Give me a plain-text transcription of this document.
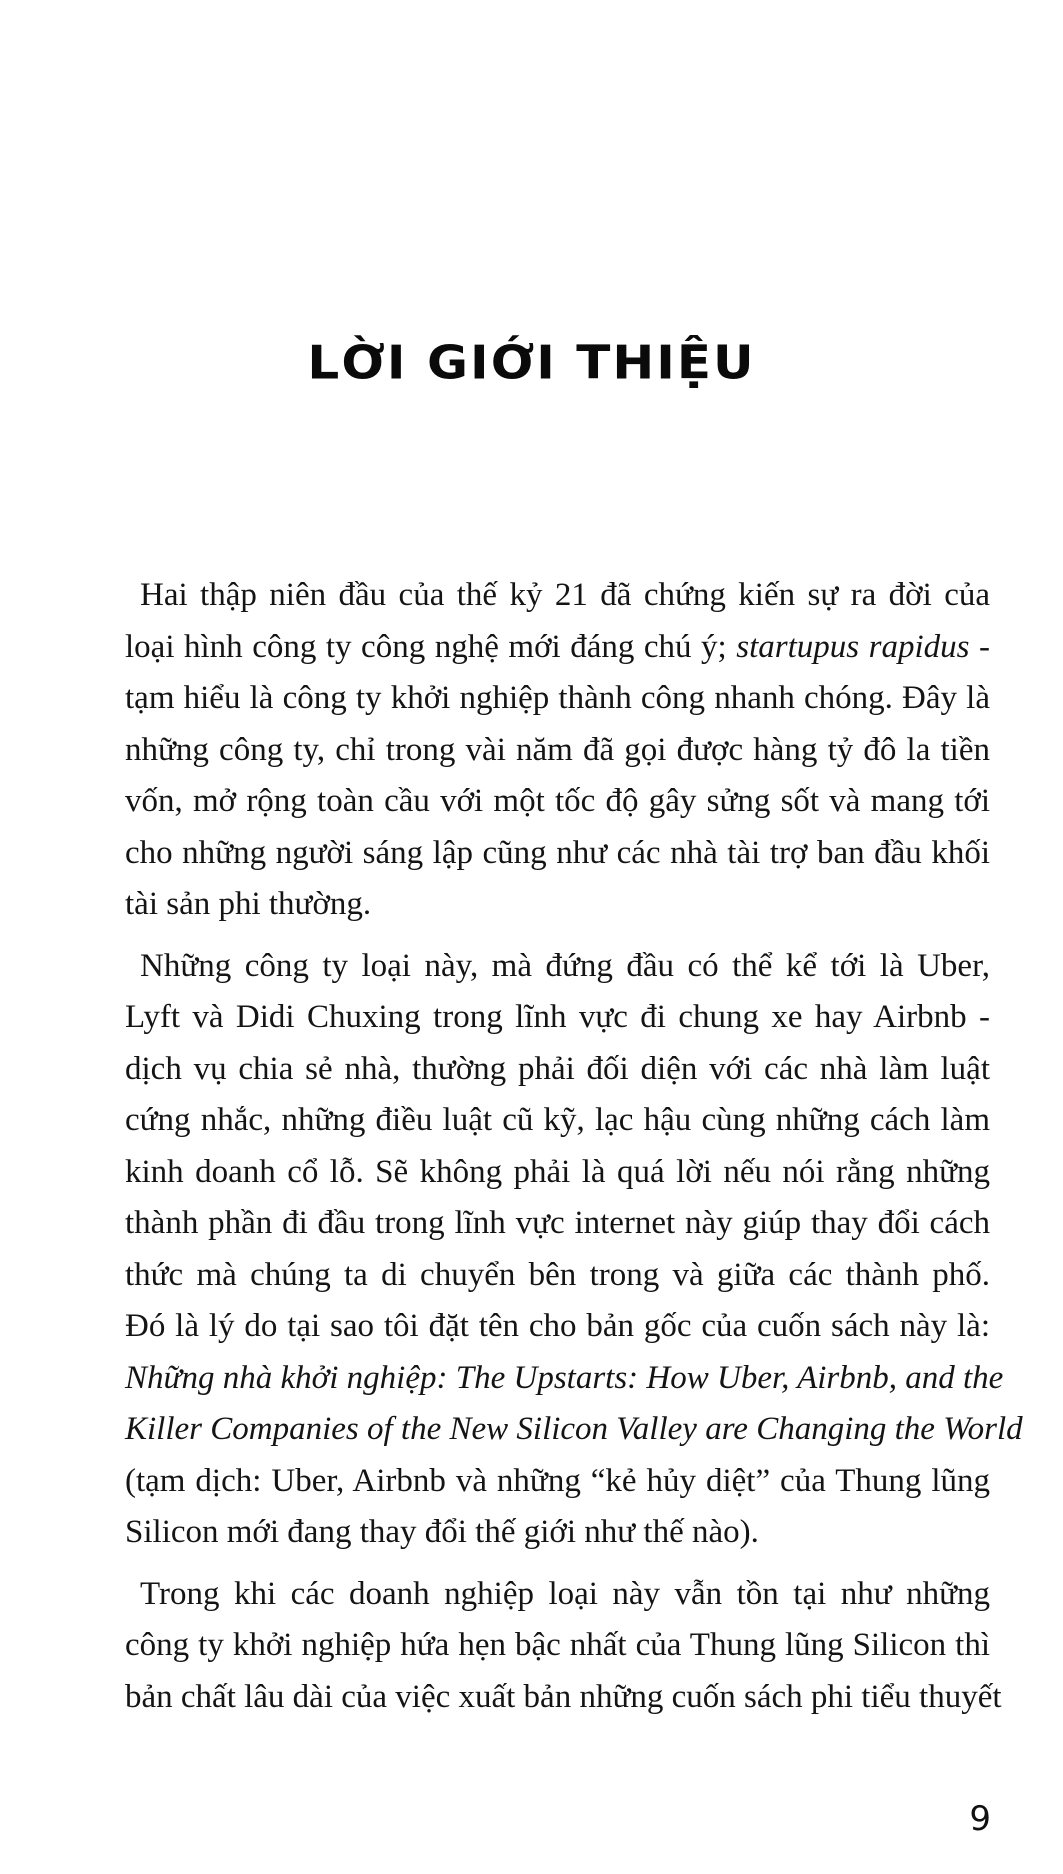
LỜI GIỚI THIỆU
Hai thập niên đầu của thế kỷ 21 đã chứng kiến sự ra đời của
loại hình công ty công nghệ mới đáng chú ý; startupus rapidus -
tạm hiểu là công ty khởi nghiệp thành công nhanh chóng. Đây là
những công ty, chỉ trong vài năm đã gọi được hàng tỷ đô la tiền
vốn, mở rộng toàn cầu với một tốc độ gây sửng sốt và mang tới
cho những người sáng lập cũng như các nhà tài trợ ban đầu khối
tài sản phi thường.
Những công ty loại này, mà đứng đầu có thể kể tới là Uber,
Lyft và Didi Chuxing trong lĩnh vực đi chung xe hay Airbnb -
dịch vụ chia sẻ nhà, thường phải đối diện với các nhà làm luật
cứng nhắc, những điều luật cũ kỹ, lạc hậu cùng những cách làm
kinh doanh cổ lỗ. Sẽ không phải là quá lời nếu nói rằng những
thành phần đi đầu trong lĩnh vực internet này giúp thay đổi cách
thức mà chúng ta di chuyển bên trong và giữa các thành phố.
Đó là lý do tại sao tôi đặt tên cho bản gốc của cuốn sách này là:
Những nhà khởi nghiệp: The Upstarts: How Uber, Airbnb, and the
Killer Companies of the New Silicon Valley are Changing the World
(tạm dịch: Uber, Airbnb và những “kẻ hủy diệt” của Thung lũng
Silicon mới đang thay đổi thế giới như thế nào).
Trong khi các doanh nghiệp loại này vẫn tồn tại như những
công ty khởi nghiệp hứa hẹn bậc nhất của Thung lũng Silicon thì
bản chất lâu dài của việc xuất bản những cuốn sách phi tiểu thuyết
9
